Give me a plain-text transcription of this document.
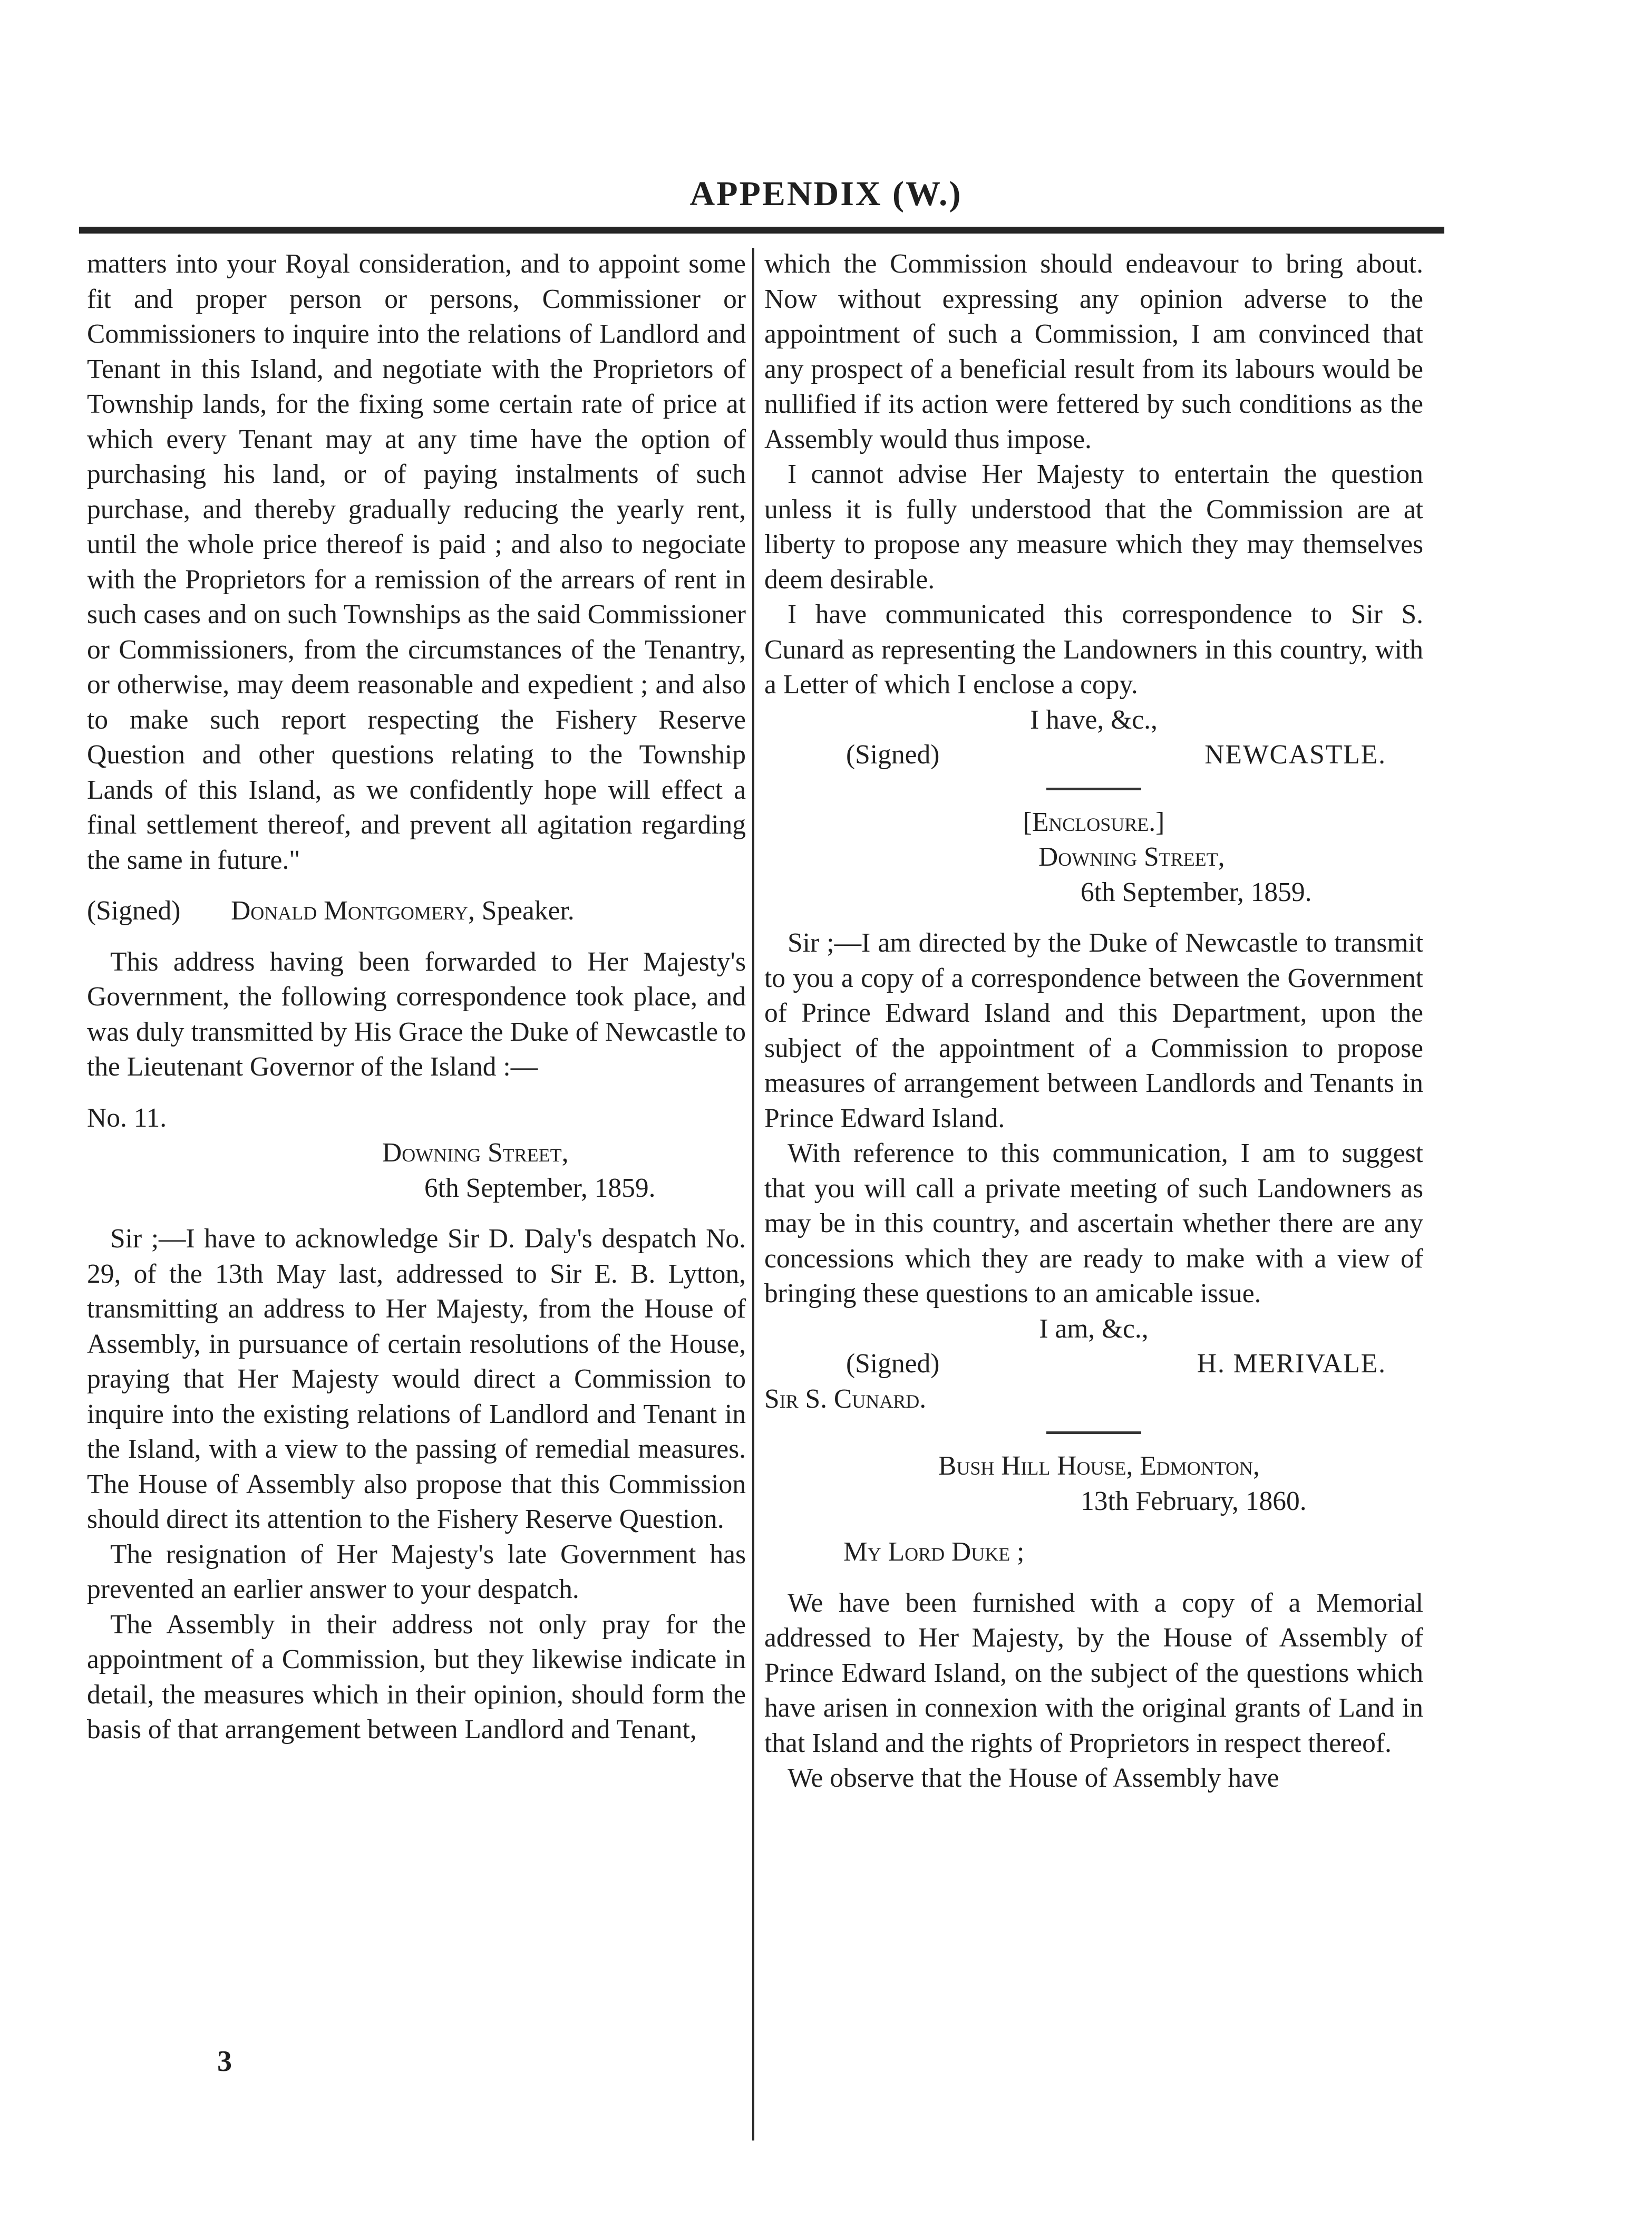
APPENDIX (W.)

matters into your Royal consideration, and to appoint some fit and proper person or persons, Commissioner or Commissioners to inquire into the relations of Landlord and Tenant in this Island, and negotiate with the Proprietors of Township lands, for the fixing some certain rate of price at which every Tenant may at any time have the option of purchasing his land, or of paying instalments of such purchase, and thereby gradually reducing the yearly rent, until the whole price thereof is paid ; and also to negociate with the Proprietors for a remission of the arrears of rent in such cases and on such Townships as the said Commissioner or Commissioners, from the circumstances of the Tenantry, or otherwise, may deem reasonable and expedient ; and also to make such report respecting the Fishery Reserve Question and other questions relating to the Township Lands of this Island, as we confidently hope will effect a final settlement thereof, and prevent all agitation regarding the same in future."

(Signed) Donald Montgomery, Speaker.

This address having been forwarded to Her Majesty's Government, the following correspondence took place, and was duly transmitted by His Grace the Duke of Newcastle to the Lieutenant Governor of the Island :—

No. 11.

Downing Street,

6th September, 1859.

Sir ;—I have to acknowledge Sir D. Daly's despatch No. 29, of the 13th May last, addressed to Sir E. B. Lytton, transmitting an address to Her Majesty, from the House of Assembly, in pursuance of certain resolutions of the House, praying that Her Majesty would direct a Commission to inquire into the existing relations of Landlord and Tenant in the Island, with a view to the passing of remedial measures. The House of Assembly also propose that this Commission should direct its attention to the Fishery Reserve Question.

The resignation of Her Majesty's late Government has prevented an earlier answer to your despatch.

The Assembly in their address not only pray for the appointment of a Commission, but they likewise indicate in detail, the measures which in their opinion, should form the basis of that arrangement between Landlord and Tenant,

which the Commission should endeavour to bring about. Now without expressing any opinion adverse to the appointment of such a Commission, I am convinced that any prospect of a beneficial result from its labours would be nullified if its action were fettered by such conditions as the Assembly would thus impose.

I cannot advise Her Majesty to entertain the question unless it is fully understood that the Commission are at liberty to propose any measure which they may themselves deem desirable.

I have communicated this correspondence to Sir S. Cunard as representing the Landowners in this country, with a Letter of which I enclose a copy.

I have, &c.,

(Signed)	NEWCASTLE.

[Enclosure.]

Downing Street,

6th September, 1859.

Sir ;—I am directed by the Duke of Newcastle to transmit to you a copy of a correspondence between the Government of Prince Edward Island and this Department, upon the subject of the appointment of a Commission to propose measures of arrangement between Landlords and Tenants in Prince Edward Island.

With reference to this communication, I am to suggest that you will call a private meeting of such Landowners as may be in this country, and ascertain whether there are any concessions which they are ready to make with a view of bringing these questions to an amicable issue.

I am, &c.,

(Signed)	H. MERIVALE.

Sir S. Cunard.

Bush Hill House, Edmonton,

13th February, 1860.

My Lord Duke ;

We have been furnished with a copy of a Memorial addressed to Her Majesty, by the House of Assembly of Prince Edward Island, on the subject of the questions which have arisen in connexion with the original grants of Land in that Island and the rights of Proprietors in respect thereof.

We observe that the House of Assembly have

3
